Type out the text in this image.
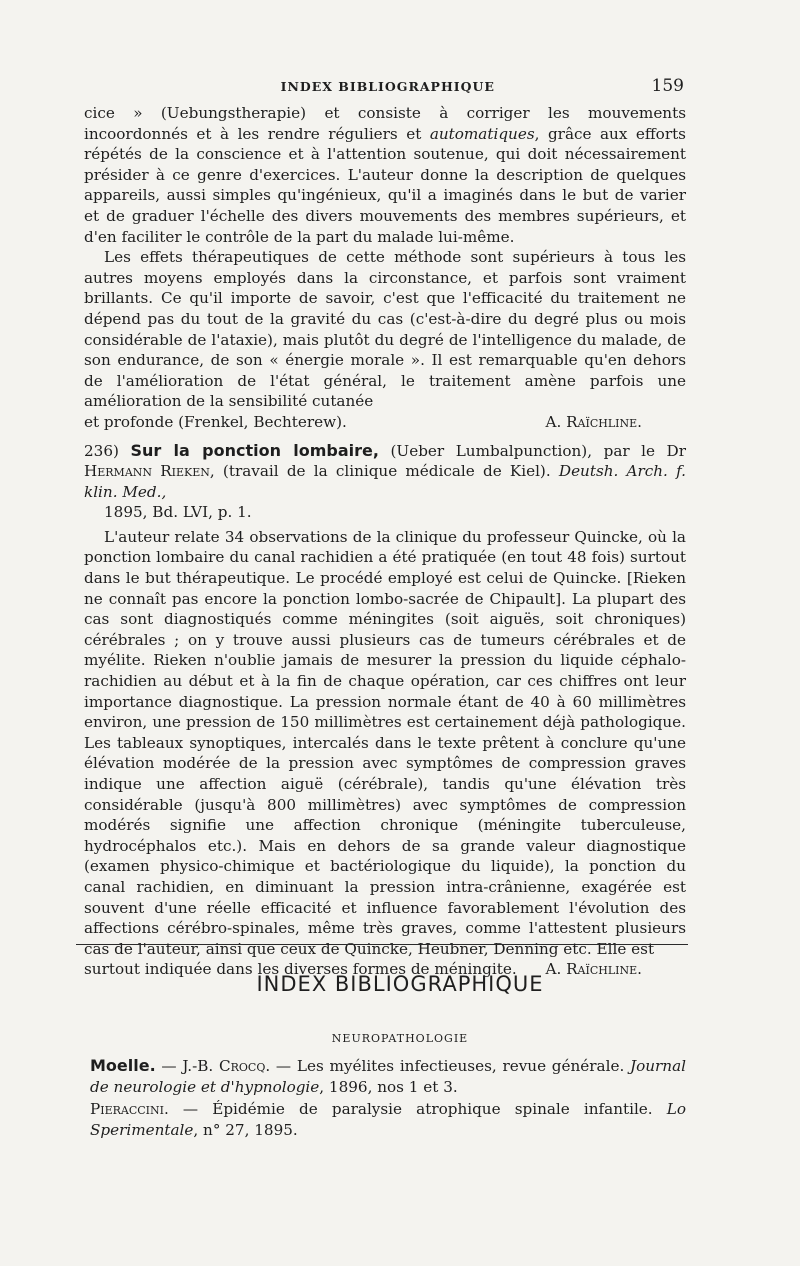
INDEX BIBLIOGRAPHIQUE	159

cice » (Uebungstherapie) et consiste à corriger les mouvements incoordonnés et à les rendre réguliers et automatiques, grâce aux efforts répétés de la conscience et à l'attention soutenue, qui doit nécessairement présider à ce genre d'exercices. L'auteur donne la description de quelques appareils, aussi simples qu'ingénieux, qu'il a imaginés dans le but de varier et de graduer l'échelle des divers mouvements des membres supérieurs, et d'en faciliter le contrôle de la part du malade lui-même.

Les effets thérapeutiques de cette méthode sont supérieurs à tous les autres moyens employés dans la circonstance, et parfois sont vraiment brillants. Ce qu'il importe de savoir, c'est que l'efficacité du traitement ne dépend pas du tout de la gravité du cas (c'est-à-dire du degré plus ou mois considérable de l'ataxie), mais plutôt du degré de l'intelligence du malade, de son endurance, de son « énergie morale ». Il est remarquable qu'en dehors de l'amélioration de l'état général, le traitement amène parfois une amélioration de la sensibilité cutanée

et profonde (Frenkel, Bechterew).	A. Raïchline.

236) Sur la ponction lombaire, (Ueber Lumbalpunction), par le Dr Hermann Rieken, (travail de la clinique médicale de Kiel). Deutsh. Arch. f. klin. Med.,
1895, Bd. LVI, p. 1.

L'auteur relate 34 observations de la clinique du professeur Quincke, où la ponction lombaire du canal rachidien a été pratiquée (en tout 48 fois) surtout dans le but thérapeutique. Le procédé employé est celui de Quincke. [Rieken ne connaît pas encore la ponction lombo-sacrée de Chipault]. La plupart des cas sont diagnostiqués comme méningites (soit aiguës, soit chroniques) cérébrales ; on y trouve aussi plusieurs cas de tumeurs cérébrales et de myélite. Rieken n'oublie jamais de mesurer la pression du liquide céphalo-rachidien au début et à la fin de chaque opération, car ces chiffres ont leur importance diagnostique. La pression normale étant de 40 à 60 millimètres environ, une pression de 150 millimètres est certainement déjà pathologique. Les tableaux synoptiques, intercalés dans le texte prêtent à conclure qu'une élévation modérée de la pression avec symptômes de compression graves indique une affection aiguë (cérébrale), tandis qu'une élévation très considérable (jusqu'à 800 millimètres) avec symptômes de compression modérés signifie une affection chronique (méningite tuberculeuse, hydrocéphalos etc.). Mais en dehors de sa grande valeur diagnostique (examen physico-chimique et bactériologique du liquide), la ponction du canal rachidien, en diminuant la pression intra-crânienne, exagérée est souvent d'une réelle efficacité et influence favorablement l'évolution des affections cérébro-spinales, même très graves, comme l'attestent plusieurs cas de l'auteur, ainsi que ceux de Quincke, Heubner, Denning etc. Elle est

surtout indiquée dans les diverses formes de méningite. A. Raïchline.

INDEX BIBLIOGRAPHIQUE
NEUROPATHOLOGIE

Moelle. — J.-B. Crocq. — Les myélites infectieuses, revue générale. Journal de neurologie et d'hypnologie, 1896, nos 1 et 3.

Pieraccini. — Épidémie de paralysie atrophique spinale infantile. Lo Sperimentale, n° 27, 1895.
